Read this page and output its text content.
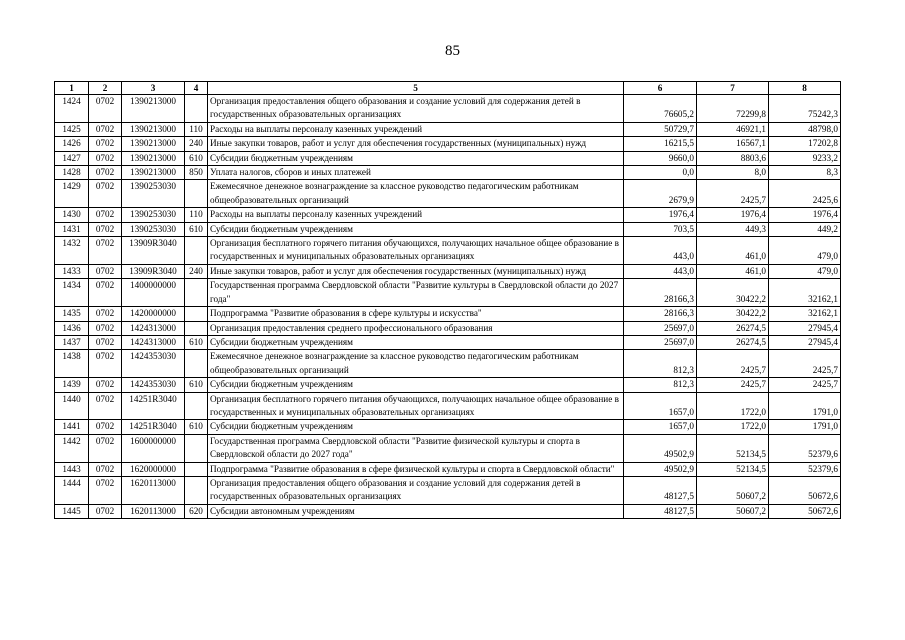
85
1	2	3	4	5	6	7	8
1424	0702	1390213000		Организация предоставления общего образования и создание условий для содержания детей в государственных образовательных организациях	76605,2	72299,8	75242,3
1425	0702	1390213000	110	Расходы на выплаты персоналу казенных учреждений	50729,7	46921,1	48798,0
1426	0702	1390213000	240	Иные закупки товаров, работ и услуг для обеспечения государственных (муниципальных) нужд	16215,5	16567,1	17202,8
1427	0702	1390213000	610	Субсидии бюджетным учреждениям	9660,0	8803,6	9233,2
1428	0702	1390213000	850	Уплата налогов, сборов и иных платежей	0,0	8,0	8,3
1429	0702	1390253030		Ежемесячное денежное вознаграждение за классное руководство педагогическим работникам общеобразовательных организаций	2679,9	2425,7	2425,6
1430	0702	1390253030	110	Расходы на выплаты персоналу казенных учреждений	1976,4	1976,4	1976,4
1431	0702	1390253030	610	Субсидии бюджетным учреждениям	703,5	449,3	449,2
1432	0702	13909R3040		Организация бесплатного горячего питания обучающихся, получающих начальное общее образование в государственных и муниципальных образовательных организациях	443,0	461,0	479,0
1433	0702	13909R3040	240	Иные закупки товаров, работ и услуг для обеспечения государственных (муниципальных) нужд	443,0	461,0	479,0
1434	0702	1400000000		Государственная программа Свердловской области "Развитие культуры в Свердловской области до 2027 года"	28166,3	30422,2	32162,1
1435	0702	1420000000		Подпрограмма "Развитие образования в сфере культуры и искусства"	28166,3	30422,2	32162,1
1436	0702	1424313000		Организация предоставления среднего профессионального образования	25697,0	26274,5	27945,4
1437	0702	1424313000	610	Субсидии бюджетным учреждениям	25697,0	26274,5	27945,4
1438	0702	1424353030		Ежемесячное денежное вознаграждение за классное руководство педагогическим работникам общеобразовательных организаций	812,3	2425,7	2425,7
1439	0702	1424353030	610	Субсидии бюджетным учреждениям	812,3	2425,7	2425,7
1440	0702	14251R3040		Организация бесплатного горячего питания обучающихся, получающих начальное общее образование в государственных и муниципальных образовательных организациях	1657,0	1722,0	1791,0
1441	0702	14251R3040	610	Субсидии бюджетным учреждениям	1657,0	1722,0	1791,0
1442	0702	1600000000		Государственная программа Свердловской области "Развитие физической культуры и спорта в Свердловской области до 2027 года"	49502,9	52134,5	52379,6
1443	0702	1620000000		Подпрограмма "Развитие образования в сфере физической культуры и спорта в Свердловской области"	49502,9	52134,5	52379,6
1444	0702	1620113000		Организация предоставления общего образования и создание условий для содержания детей в государственных образовательных организациях	48127,5	50607,2	50672,6
1445	0702	1620113000	620	Субсидии автономным учреждениям	48127,5	50607,2	50672,6
